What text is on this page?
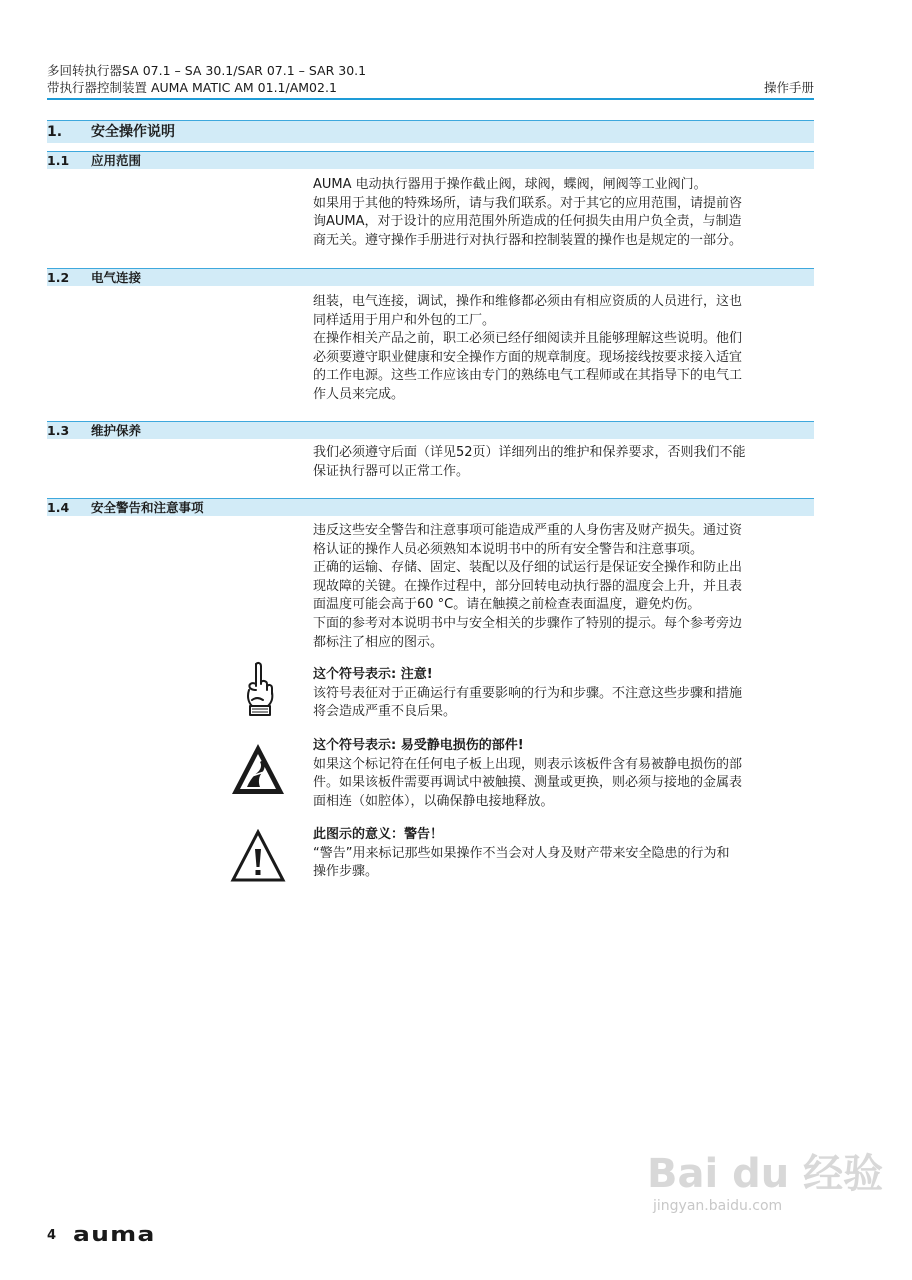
多回转执行器SA 07.1 – SA 30.1/SAR 07.1 – SAR 30.1
带执行器控制装置 AUMA MATIC AM 01.1/AM02.1	操作手册
1. 安全操作说明
1.1 应用范围

AUMA 电动执行器用于操作截止阀，球阀，蝶阀，闸阀等工业阀门。

如果用于其他的特殊场所，请与我们联系。对于其它的应用范围，请提前咨

询AUMA，对于设计的应用范围外所造成的任何损失由用户负全责，与制造

商无关。遵守操作手册进行对执行器和控制装置的操作也是规定的一部分。

1.2 电气连接

组装，电气连接，调试，操作和维修都必须由有相应资质的人员进行，这也

同样适用于用户和外包的工厂。

在操作相关产品之前，职工必须已经仔细阅读并且能够理解这些说明。他们

必须要遵守职业健康和安全操作方面的规章制度。现场接线按要求接入适宜

的工作电源。这些工作应该由专门的熟练电气工程师或在其指导下的电气工

作人员来完成。

1.3 维护保养

我们必须遵守后面（详见52页）详细列出的维护和保养要求，否则我们不能

保证执行器可以正常工作。

1.4 安全警告和注意事项

违反这些安全警告和注意事项可能造成严重的人身伤害及财产损失。通过资

格认证的操作人员必须熟知本说明书中的所有安全警告和注意事项。

正确的运输、存储、固定、装配以及仔细的试运行是保证安全操作和防止出

现故障的关键。在操作过程中，部分回转电动执行器的温度会上升，并且表

面温度可能会高于60 °C。请在触摸之前检查表面温度，避免灼伤。

下面的参考对本说明书中与安全相关的步骤作了特别的提示。每个参考旁边

都标注了相应的图示。

这个符号表示: 注意!

该符号表征对于正确运行有重要影响的行为和步骤。不注意这些步骤和措施

将会造成严重不良后果。

这个符号表示: 易受静电损伤的部件!

如果这个标记符在任何电子板上出现，则表示该板件含有易被静电损伤的部

件。如果该板件需要再调试中被触摸、测量或更换，则必须与接地的金属表

面相连（如腔体），以确保静电接地释放。

此图示的意义：警告！

“警告”用来标记那些如果操作不当会对人身及财产带来安全隐患的行为和

操作步骤。

4 auma
Bai du 经验
jingyan.baidu.com
